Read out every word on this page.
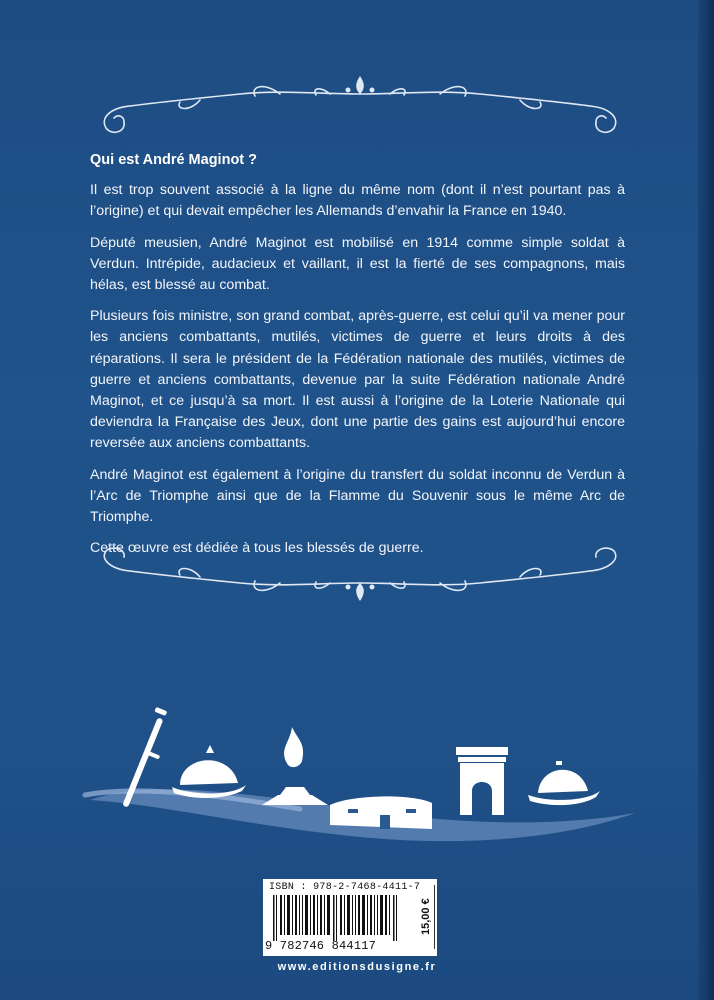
Qui est André Maginot ?

Il est trop souvent associé à la ligne du même nom (dont il n’est pourtant pas à l’origine) et qui devait empêcher les Allemands d’envahir la France en 1940.

Député meusien, André Maginot est mobilisé en 1914 comme simple soldat à Verdun. Intrépide, audacieux et vaillant, il est la fierté de ses compagnons, mais hélas, est blessé au combat.

Plusieurs fois ministre, son grand combat, après-guerre, est celui qu’il va mener pour les anciens combattants, mutilés, victimes de guerre et leurs droits à des réparations. Il sera le président de la Fédération nationale des mutilés, victimes de guerre et anciens combattants, devenue par la suite Fédération nationale André Maginot, et ce jusqu’à sa mort. Il est aussi à l’origine de la Loterie Nationale qui deviendra la Française des Jeux, dont une partie des gains est aujourd’hui encore reversée aux anciens combattants.

André Maginot est également à l’origine du transfert du soldat inconnu de Verdun à l’Arc de Triomphe ainsi que de la Flamme du Souvenir sous le même Arc de Triomphe.

Cette œuvre est dédiée à tous les blessés de guerre.

ISBN : 978-2-7468-4411-7
9 782746 844117
15,00 €
www.editionsdusigne.fr
